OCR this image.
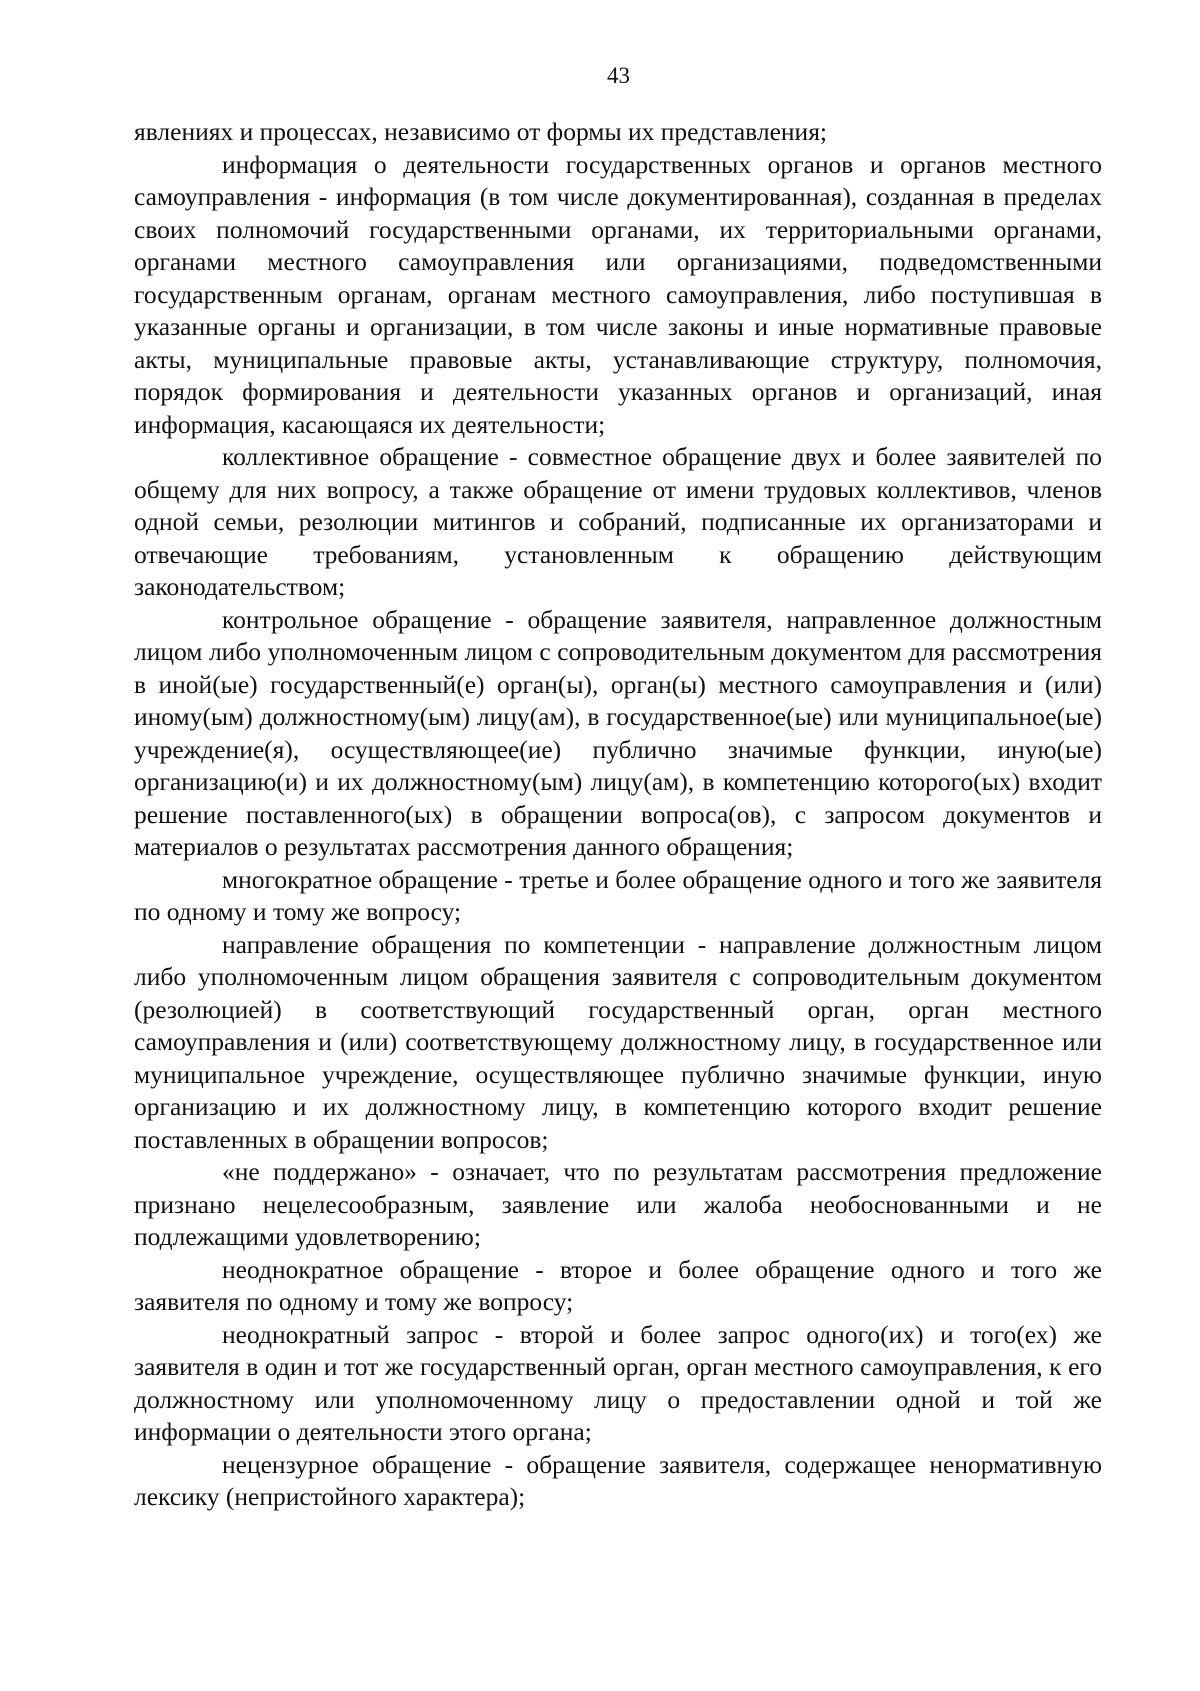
43

явлениях и процессах, независимо от формы их представления;

информация о деятельности государственных органов и органов местного самоуправления - информация (в том числе документированная), созданная в пределах своих полномочий государственными органами, их территориальными органами, органами местного самоуправления или организациями, подведомственными государственным органам, органам местного самоуправления, либо поступившая в указанные органы и организации, в том числе законы и иные нормативные правовые акты, муниципальные правовые акты, устанавливающие структуру, полномочия, порядок формирования и деятельности указанных органов и организаций, иная информация, касающаяся их деятельности;

коллективное обращение - совместное обращение двух и более заявителей по общему для них вопросу, а также обращение от имени трудовых коллективов, членов одной семьи, резолюции митингов и собраний, подписанные их организаторами и отвечающие требованиям, установленным к обращению действующим законодательством;

контрольное обращение - обращение заявителя, направленное должностным лицом либо уполномоченным лицом с сопроводительным документом для рассмотрения в иной(ые) государственный(е) орган(ы), орган(ы) местного самоуправления и (или) иному(ым) должностному(ым) лицу(ам), в государственное(ые) или муниципальное(ые) учреждение(я), осуществляющее(ие) публично значимые функции, иную(ые) организацию(и) и их должностному(ым) лицу(ам), в компетенцию которого(ых) входит решение поставленного(ых) в обращении вопроса(ов), с запросом документов и материалов о результатах рассмотрения данного обращения;

многократное обращение - третье и более обращение одного и того же заявителя по одному и тому же вопросу;

направление обращения по компетенции - направление должностным лицом либо уполномоченным лицом обращения заявителя с сопроводительным документом (резолюцией) в соответствующий государственный орган, орган местного самоуправления и (или) соответствующему должностному лицу, в государственное или муниципальное учреждение, осуществляющее публично значимые функции, иную организацию и их должностному лицу, в компетенцию которого входит решение поставленных в обращении вопросов;

«не поддержано» - означает, что по результатам рассмотрения предложение признано нецелесообразным, заявление или жалоба необоснованными и не подлежащими удовлетворению;

неоднократное обращение - второе и более обращение одного и того же заявителя по одному и тому же вопросу;

неоднократный запрос - второй и более запрос одного(их) и того(ех) же заявителя в один и тот же государственный орган, орган местного самоуправления, к его должностному или уполномоченному лицу о предоставлении одной и той же информации о деятельности этого органа;

нецензурное обращение - обращение заявителя, содержащее ненормативную лексику (непристойного характера);
